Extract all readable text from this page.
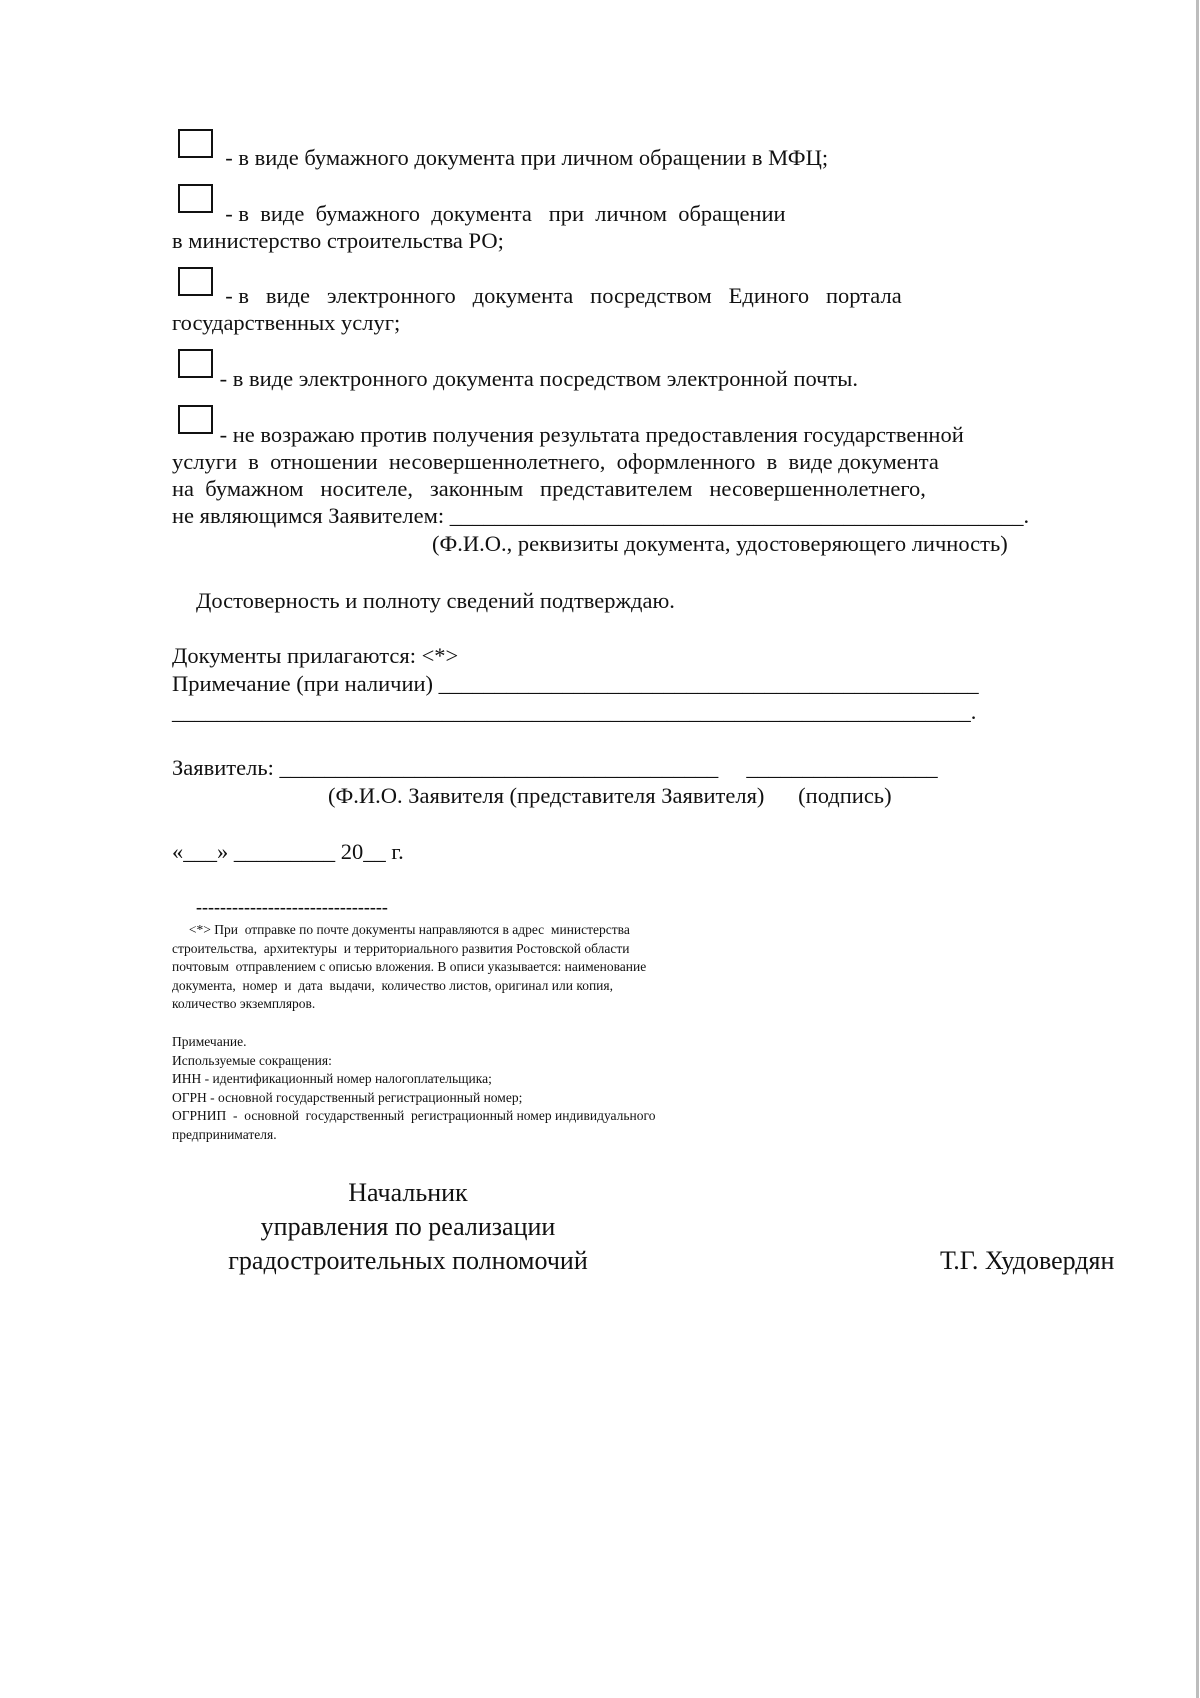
- в виде бумажного документа при личном обращении в МФЦ;
- в  виде  бумажного  документа   при  личном  обращении
в министерство строительства РО;
- в   виде   электронного   документа   посредством   Единого   портала
государственных услуг;
- в виде электронного документа посредством электронной почты.
- не возражаю против получения результата предоставления государственной
услуги  в  отношении  несовершеннолетнего,  оформленного  в  виде документа
на  бумажном   носителе,   законным   представителем   несовершеннолетнего,
не являющимся Заявителем: ___________________________________________________.
(Ф.И.О., реквизиты документа, удостоверяющего личность)
Достоверность и полноту сведений подтверждаю.
Документы прилагаются: <*>
Примечание (при наличии) ________________________________________________
_______________________________________________________________________.
Заявитель: _______________________________________     _________________
(Ф.И.О. Заявителя (представителя Заявителя)      (подпись)
«___» _________ 20__ г.
--------------------------------
<*> При  отправке по почте документы направляются в адрес  министерства
строительства,  архитектуры  и территориального развития Ростовской области
почтовым  отправлением с описью вложения. В описи указывается: наименование
документа,  номер  и  дата  выдачи,  количество листов, оригинал или копия,
количество экземпляров.
Примечание.
Используемые сокращения:
ИНН - идентификационный номер налогоплательщика;
ОГРН - основной государственный регистрационный номер;
ОГРНИП  -  основной  государственный  регистрационный номер индивидуального
предпринимателя.
Начальник
управления по реализации
градостроительных полномочий	Т.Г. Худовердян
